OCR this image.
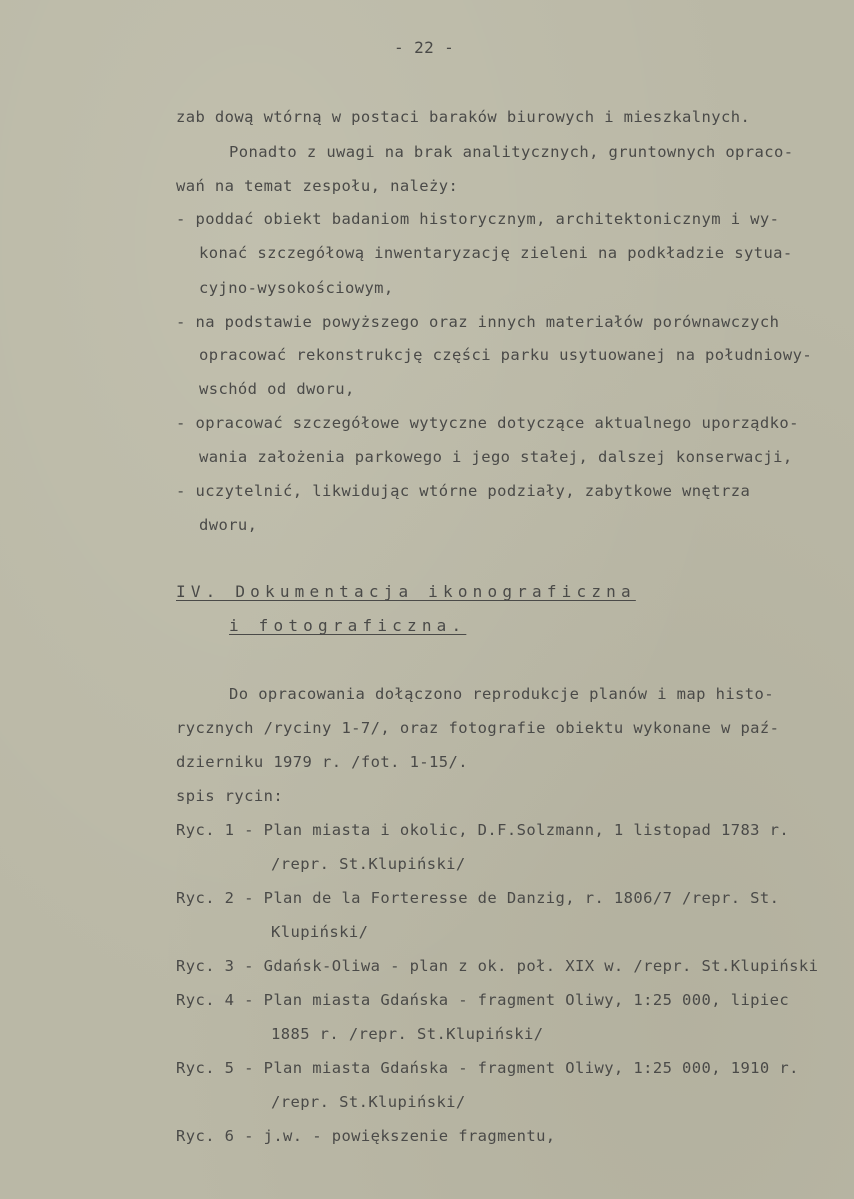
- 22 -
zab dową wtórną w postaci baraków biurowych i mieszkalnych.
Ponadto z uwagi na brak analitycznych, gruntownych opraco-
wań na temat zespołu, należy:
- poddać obiekt badaniom historycznym, architektonicznym i wy-
konać szczegółową inwentaryzację zieleni na podkładzie sytua-
cyjno-wysokościowym,
- na podstawie powyższego oraz innych materiałów porównawczych
opracować rekonstrukcję części parku usytuowanej na południowy-
wschód od dworu,
- opracować szczegółowe wytyczne dotyczące aktualnego uporządko-
wania założenia parkowego i jego stałej, dalszej konserwacji,
- uczytelnić, likwidując wtórne podziały, zabytkowe wnętrza
dworu,
IV. Dokumentacja ikonograficzna
i fotograficzna.
Do opracowania dołączono reprodukcje planów i map histo-
rycznych /ryciny 1-7/, oraz fotografie obiektu wykonane w paź-
dzierniku 1979 r. /fot. 1-15/.
spis rycin:
Ryc. 1 - Plan miasta i okolic, D.F.Solzmann, 1 listopad 1783 r.
/repr. St.Klupiński/
Ryc. 2 - Plan de la Forteresse de Danzig, r. 1806/7 /repr. St.
Klupiński/
Ryc. 3 - Gdańsk-Oliwa - plan z ok. poł. XIX w. /repr. St.Klupiński
Ryc. 4 - Plan miasta Gdańska - fragment Oliwy, 1:25 000, lipiec
1885 r. /repr. St.Klupiński/
Ryc. 5 - Plan miasta Gdańska - fragment Oliwy, 1:25 000, 1910 r.
/repr. St.Klupiński/
Ryc. 6 - j.w. - powiększenie fragmentu,
